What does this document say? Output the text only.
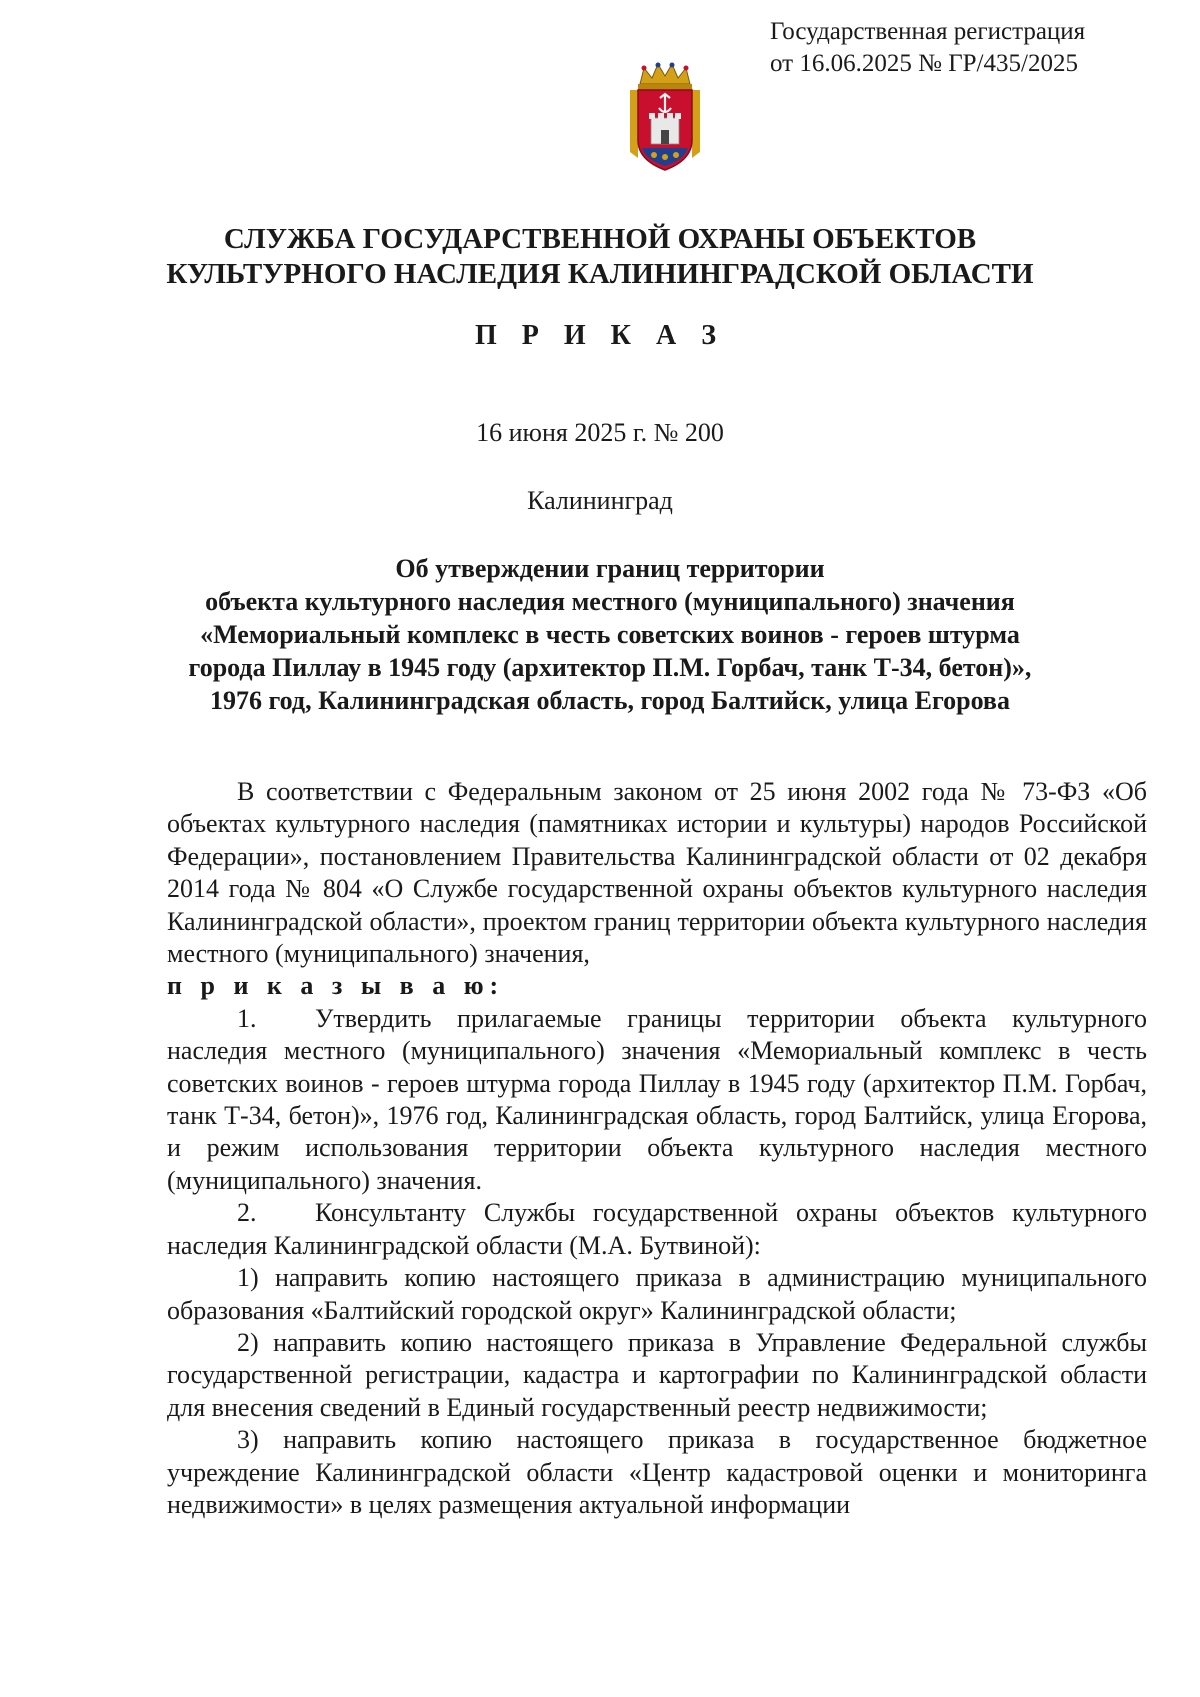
Государственная регистрация
от 16.06.2025 № ГР/435/2025
СЛУЖБА ГОСУДАРСТВЕННОЙ ОХРАНЫ ОБЪЕКТОВ
КУЛЬТУРНОГО НАСЛЕДИЯ КАЛИНИНГРАДСКОЙ ОБЛАСТИ
П Р И К А З
16 июня 2025 г. № 200
Калининград
Об утверждении границ территории
объекта культурного наследия местного (муниципального) значения
«Мемориальный комплекс в честь советских воинов - героев штурма
города Пиллау в 1945 году (архитектор П.М. Горбач, танк Т-34, бетон)»,
1976 год, Калининградская область, город Балтийск, улица Егорова

В соответствии с Федеральным законом от 25 июня 2002 года № 73-ФЗ «Об объектах культурного наследия (памятниках истории и культуры) народов Российской Федерации», постановлением Правительства Калининградской области от 02 декабря 2014 года № 804 «О Службе государственной охраны объектов культурного наследия Калининградской области», проектом границ территории объекта культурного наследия местного (муниципального) значения,

п р и к а з ы в а ю:

1. Утвердить прилагаемые границы территории объекта культурного наследия местного (муниципального) значения «Мемориальный комплекс в честь советских воинов - героев штурма города Пиллау в 1945 году (архитектор П.М. Горбач, танк Т-34, бетон)», 1976 год, Калининградская область, город Балтийск, улица Егорова, и режим использования территории объекта культурного наследия местного (муниципального) значения.

2. Консультанту Службы государственной охраны объектов культурного наследия Калининградской области (М.А. Бутвиной):

1) направить копию настоящего приказа в администрацию муниципального образования «Балтийский городской округ» Калининградской области;

2) направить копию настоящего приказа в Управление Федеральной службы государственной регистрации, кадастра и картографии по Калининградской области для внесения сведений в Единый государственный реестр недвижимости;

3) направить копию настоящего приказа в государственное бюджетное учреждение Калининградской области «Центр кадастровой оценки и мониторинга недвижимости» в целях размещения актуальной информации
